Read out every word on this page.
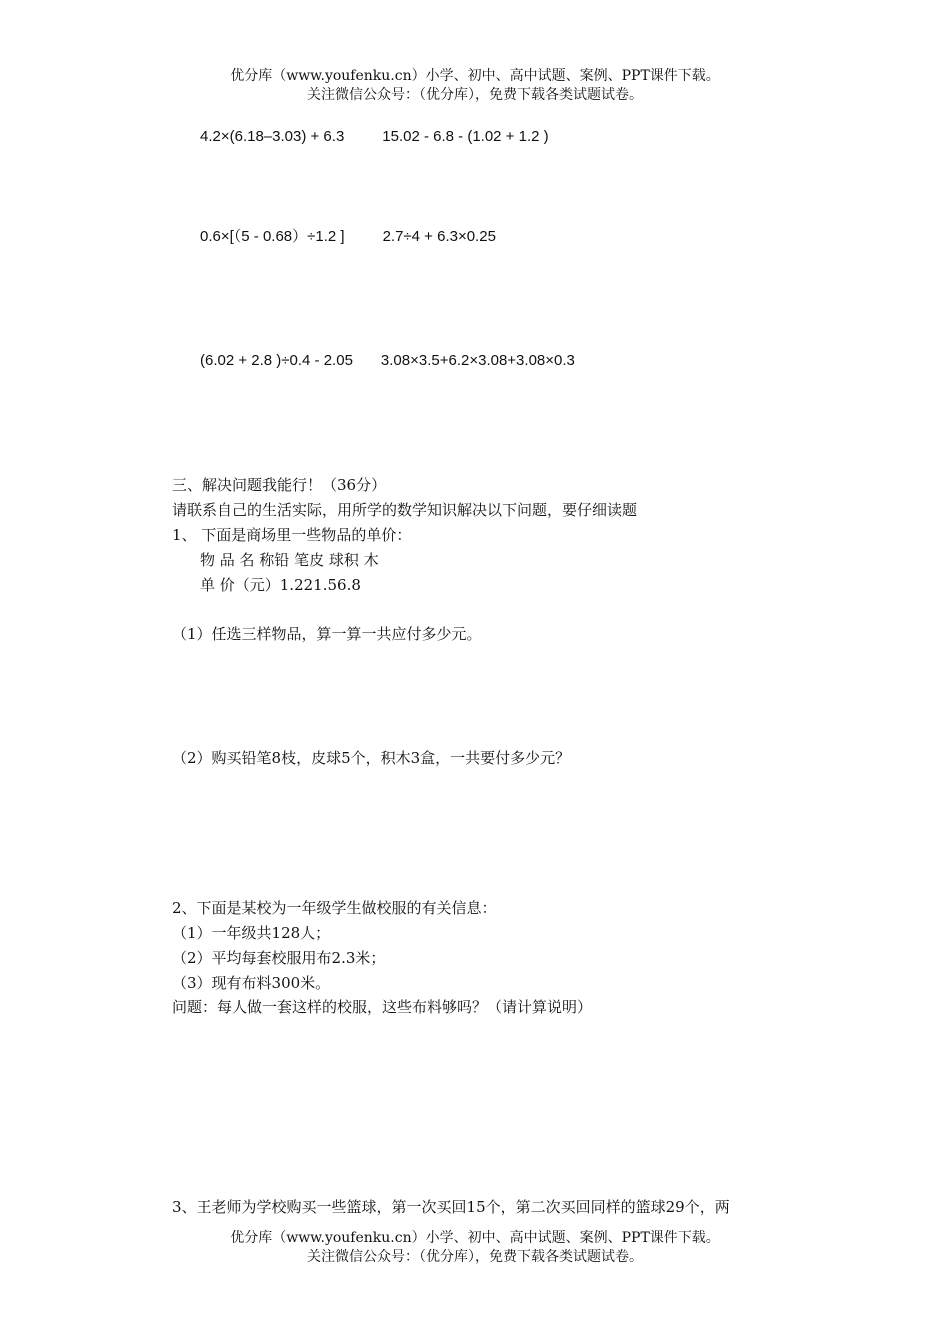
优分库（www.youfenku.cn）小学、初中、高中试题、案例、PPT课件下载。
关注微信公众号：（优分库），免费下载各类试题试卷。
4.2×(6.18–3.03) + 6.3	15.02 - 6.8 - (1.02 + 1.2 )
0.6×[（5 - 0.68）÷1.2 ]	2.7÷4 + 6.3×0.25
(6.02 + 2.8 )÷0.4 - 2.05 3.08×3.5+6.2×3.08+3.08×0.3
三、解决问题我能行！（36分）
请联系自己的生活实际，用所学的数学知识解决以下问题，要仔细读题
1、 下面是商场里一些物品的单价：
物 品 名 称铅 笔皮 球积 木
单 价（元）1.221.56.8
（1）任选三样物品，算一算一共应付多少元。
（2）购买铅笔8枝，皮球5个，积木3盒，一共要付多少元？
2、下面是某校为一年级学生做校服的有关信息：
（1）一年级共128人；
（2）平均每套校服用布2.3米；
（3）现有布料300米。
问题：每人做一套这样的校服，这些布料够吗？（请计算说明）
3、王老师为学校购买一些篮球，第一次买回15个，第二次买回同样的篮球29个，两
优分库（www.youfenku.cn）小学、初中、高中试题、案例、PPT课件下载。
关注微信公众号：（优分库），免费下载各类试题试卷。
